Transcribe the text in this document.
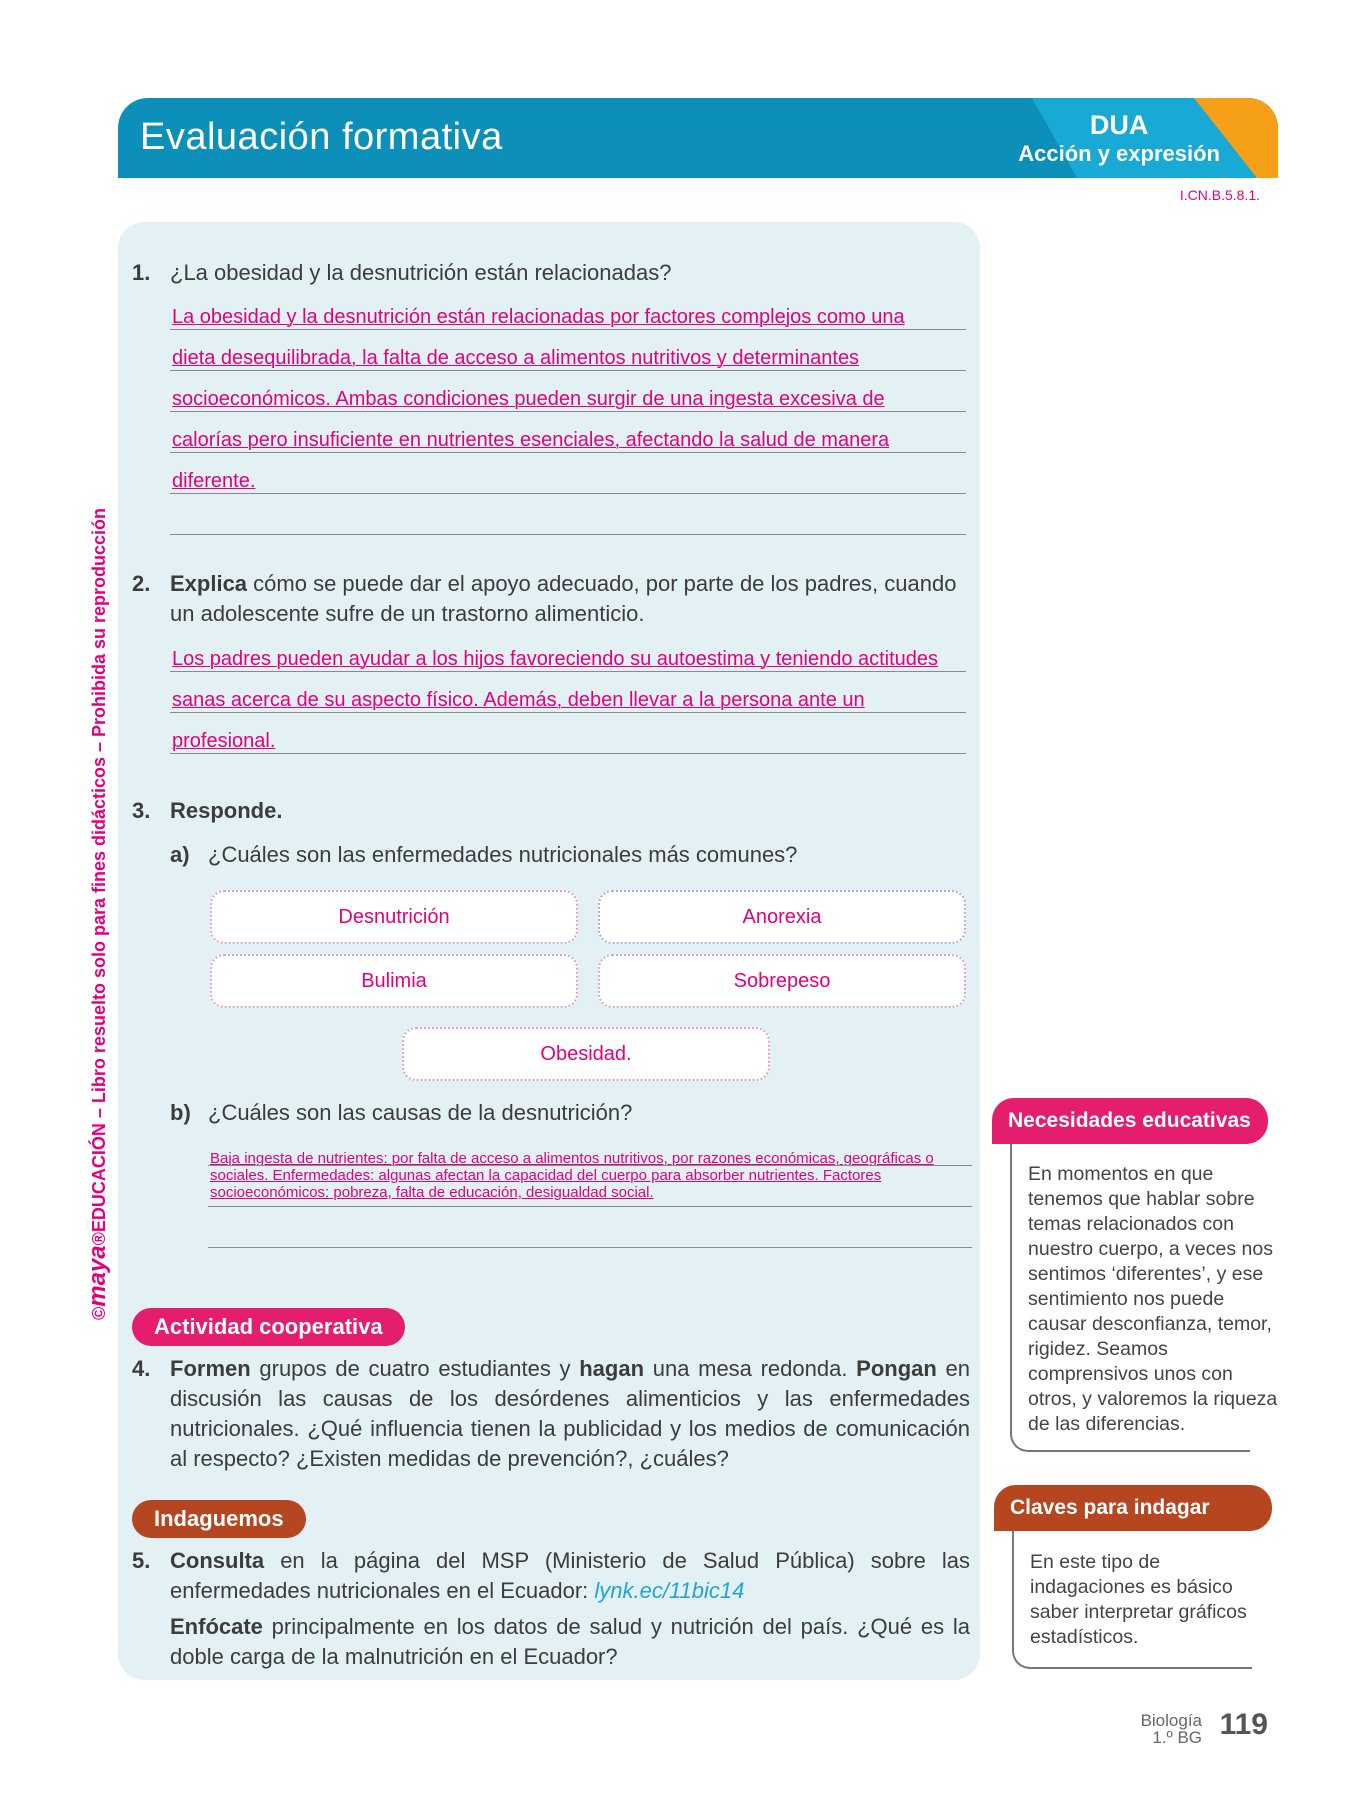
Evaluación formativa	DUA
Acción y expresión
I.CN.B.5.8.1.
©maya®EDUCACIÓN – Libro resuelto solo para fines didácticos – Prohibida su reproducción
1. ¿La obesidad y la desnutrición están relacionadas?
La obesidad y la desnutrición están relacionadas por factores complejos como una
dieta desequilibrada, la falta de acceso a alimentos nutritivos y determinantes
socioeconómicos. Ambas condiciones pueden surgir de una ingesta excesiva de
calorías pero insuficiente en nutrientes esenciales, afectando la salud de manera
diferente.
2. Explica cómo se puede dar el apoyo adecuado, por parte de los padres, cuando
un adolescente sufre de un trastorno alimenticio.
Los padres pueden ayudar a los hijos favoreciendo su autoestima y teniendo actitudes
sanas acerca de su aspecto físico. Además, deben llevar a la persona ante un
profesional.
3. Responde.
a) ¿Cuáles son las enfermedades nutricionales más comunes?
Desnutrición	Anorexia
Bulimia	Sobrepeso
Obesidad.
b) ¿Cuáles son las causas de la desnutrición?
Baja ingesta de nutrientes: por falta de acceso a alimentos nutritivos, por razones económicas, geográficas o sociales. Enfermedades: algunas afectan la capacidad del cuerpo para absorber nutrientes. Factores socioeconómicos: pobreza, falta de educación, desigualdad social.
Actividad cooperativa
4. Formen grupos de cuatro estudiantes y hagan una mesa redonda. Pongan en discusión las causas de los desórdenes alimenticios y las enfermedades nutricionales. ¿Qué influencia tienen la publicidad y los medios de comunicación al respecto? ¿Existen medidas de prevención?, ¿cuáles?
Indaguemos
5. Consulta en la página del MSP (Ministerio de Salud Pública) sobre las enfermedades nutricionales en el Ecuador: lynk.ec/11bic14
Enfócate principalmente en los datos de salud y nutrición del país. ¿Qué es la doble carga de la malnutrición en el Ecuador?
Necesidades educativas
En momentos en que tenemos que hablar sobre temas relacionados con nuestro cuerpo, a veces nos sentimos ‘diferentes’, y ese sentimiento nos puede causar desconfianza, temor, rigidez. Seamos comprensivos unos con otros, y valoremos la riqueza de las diferencias.
Claves para indagar
En este tipo de indagaciones es básico saber interpretar gráficos estadísticos.
Biología
1.º BG 119
